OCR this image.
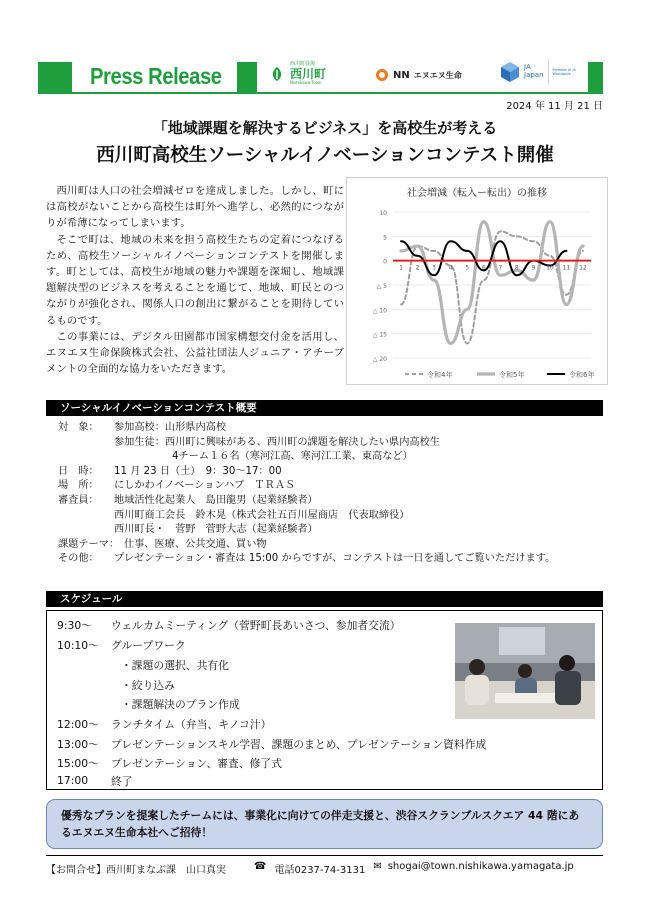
Press Release	西川町役場
西川町
Nishikawa Town
NN エヌエヌ生命
JA
Japan
Member of JA Worldwide
2024 年 11 月 21 日
「地域課題を解決するビジネス」を高校生が考える
西川町高校生ソーシャルイノベーションコンテスト開催

西川町は人口の社会増減ゼロを達成しました。しかし、町には高校がないことから高校生は町外へ進学し、必然的につながりが希薄になってしまいます。

そこで町は、地域の未来を担う高校生たちの定着につなげるため、高校生ソーシャルイノベーションコンテストを開催します。町としては、高校生が地域の魅力や課題を深堀し、地域課題解決型のビジネスを考えることを通じて、地域、町民とのつながりが強化され、関係人口の創出に繋がることを期待しているものです。

この事業には、デジタル田園都市国家構想交付金を活用し、エヌエヌ生命保険株式会社、公益社団法人ジュニア・アチーブメントの全面的な協力をいただきます。

社会増減（転入ー転出）の推移
10
5
0
△ 5
△ 10
△ 15
△ 20
1 2 3 4 5 6 7 8 9 10 11 12
令和4年	令和5年	令和6年
ソーシャルイノベーションコンテスト概要
対　象： 参加高校：山形県内高校
参加生徒：西川町に興味がある、西川町の課題を解決したい県内高校生
4チーム１６名（寒河江高、寒河江工業、東高など）
日　時： 11 月 23 日（土）　9：30～17：00
場　所： にしかわイノベーションハブ　ＴＲＡＳ
審査員： 地域活性化起業人　島田龍男（起業経験者）
西川町商工会長　鈴木晃（株式会社五百川屋商店　代表取締役）
西川町長・　菅野　菅野大志（起業経験者）
課題テーマ： 仕事、医療、公共交通、買い物
その他： プレゼンテーション・審査は 15:00 からですが、コンテストは一日を通してご覧いただけます。
スケジュール
9:30～ ウェルカムミーティング（菅野町長あいさつ、参加者交流）
10:10～ グループワーク
・課題の選択、共有化
・絞り込み
・課題解決のプラン作成
12:00～ ランチタイム（弁当、キノコ汁）
13:00～ プレゼンテーションスキル学習、課題のまとめ、プレゼンテーション資料作成
15:00～ プレゼンテーション、審査、修了式
17:00 終了
優秀なプランを提案したチームには、事業化に向けての伴走支援と、渋谷スクランブルスクエア 44 階にあるエヌエヌ生命本社へご招待！
【お問合せ】 西川町まなぶ課　山口真実	☎ 電話0237-74-3131 ✉ shogai@town.nishikawa.yamagata.jp
